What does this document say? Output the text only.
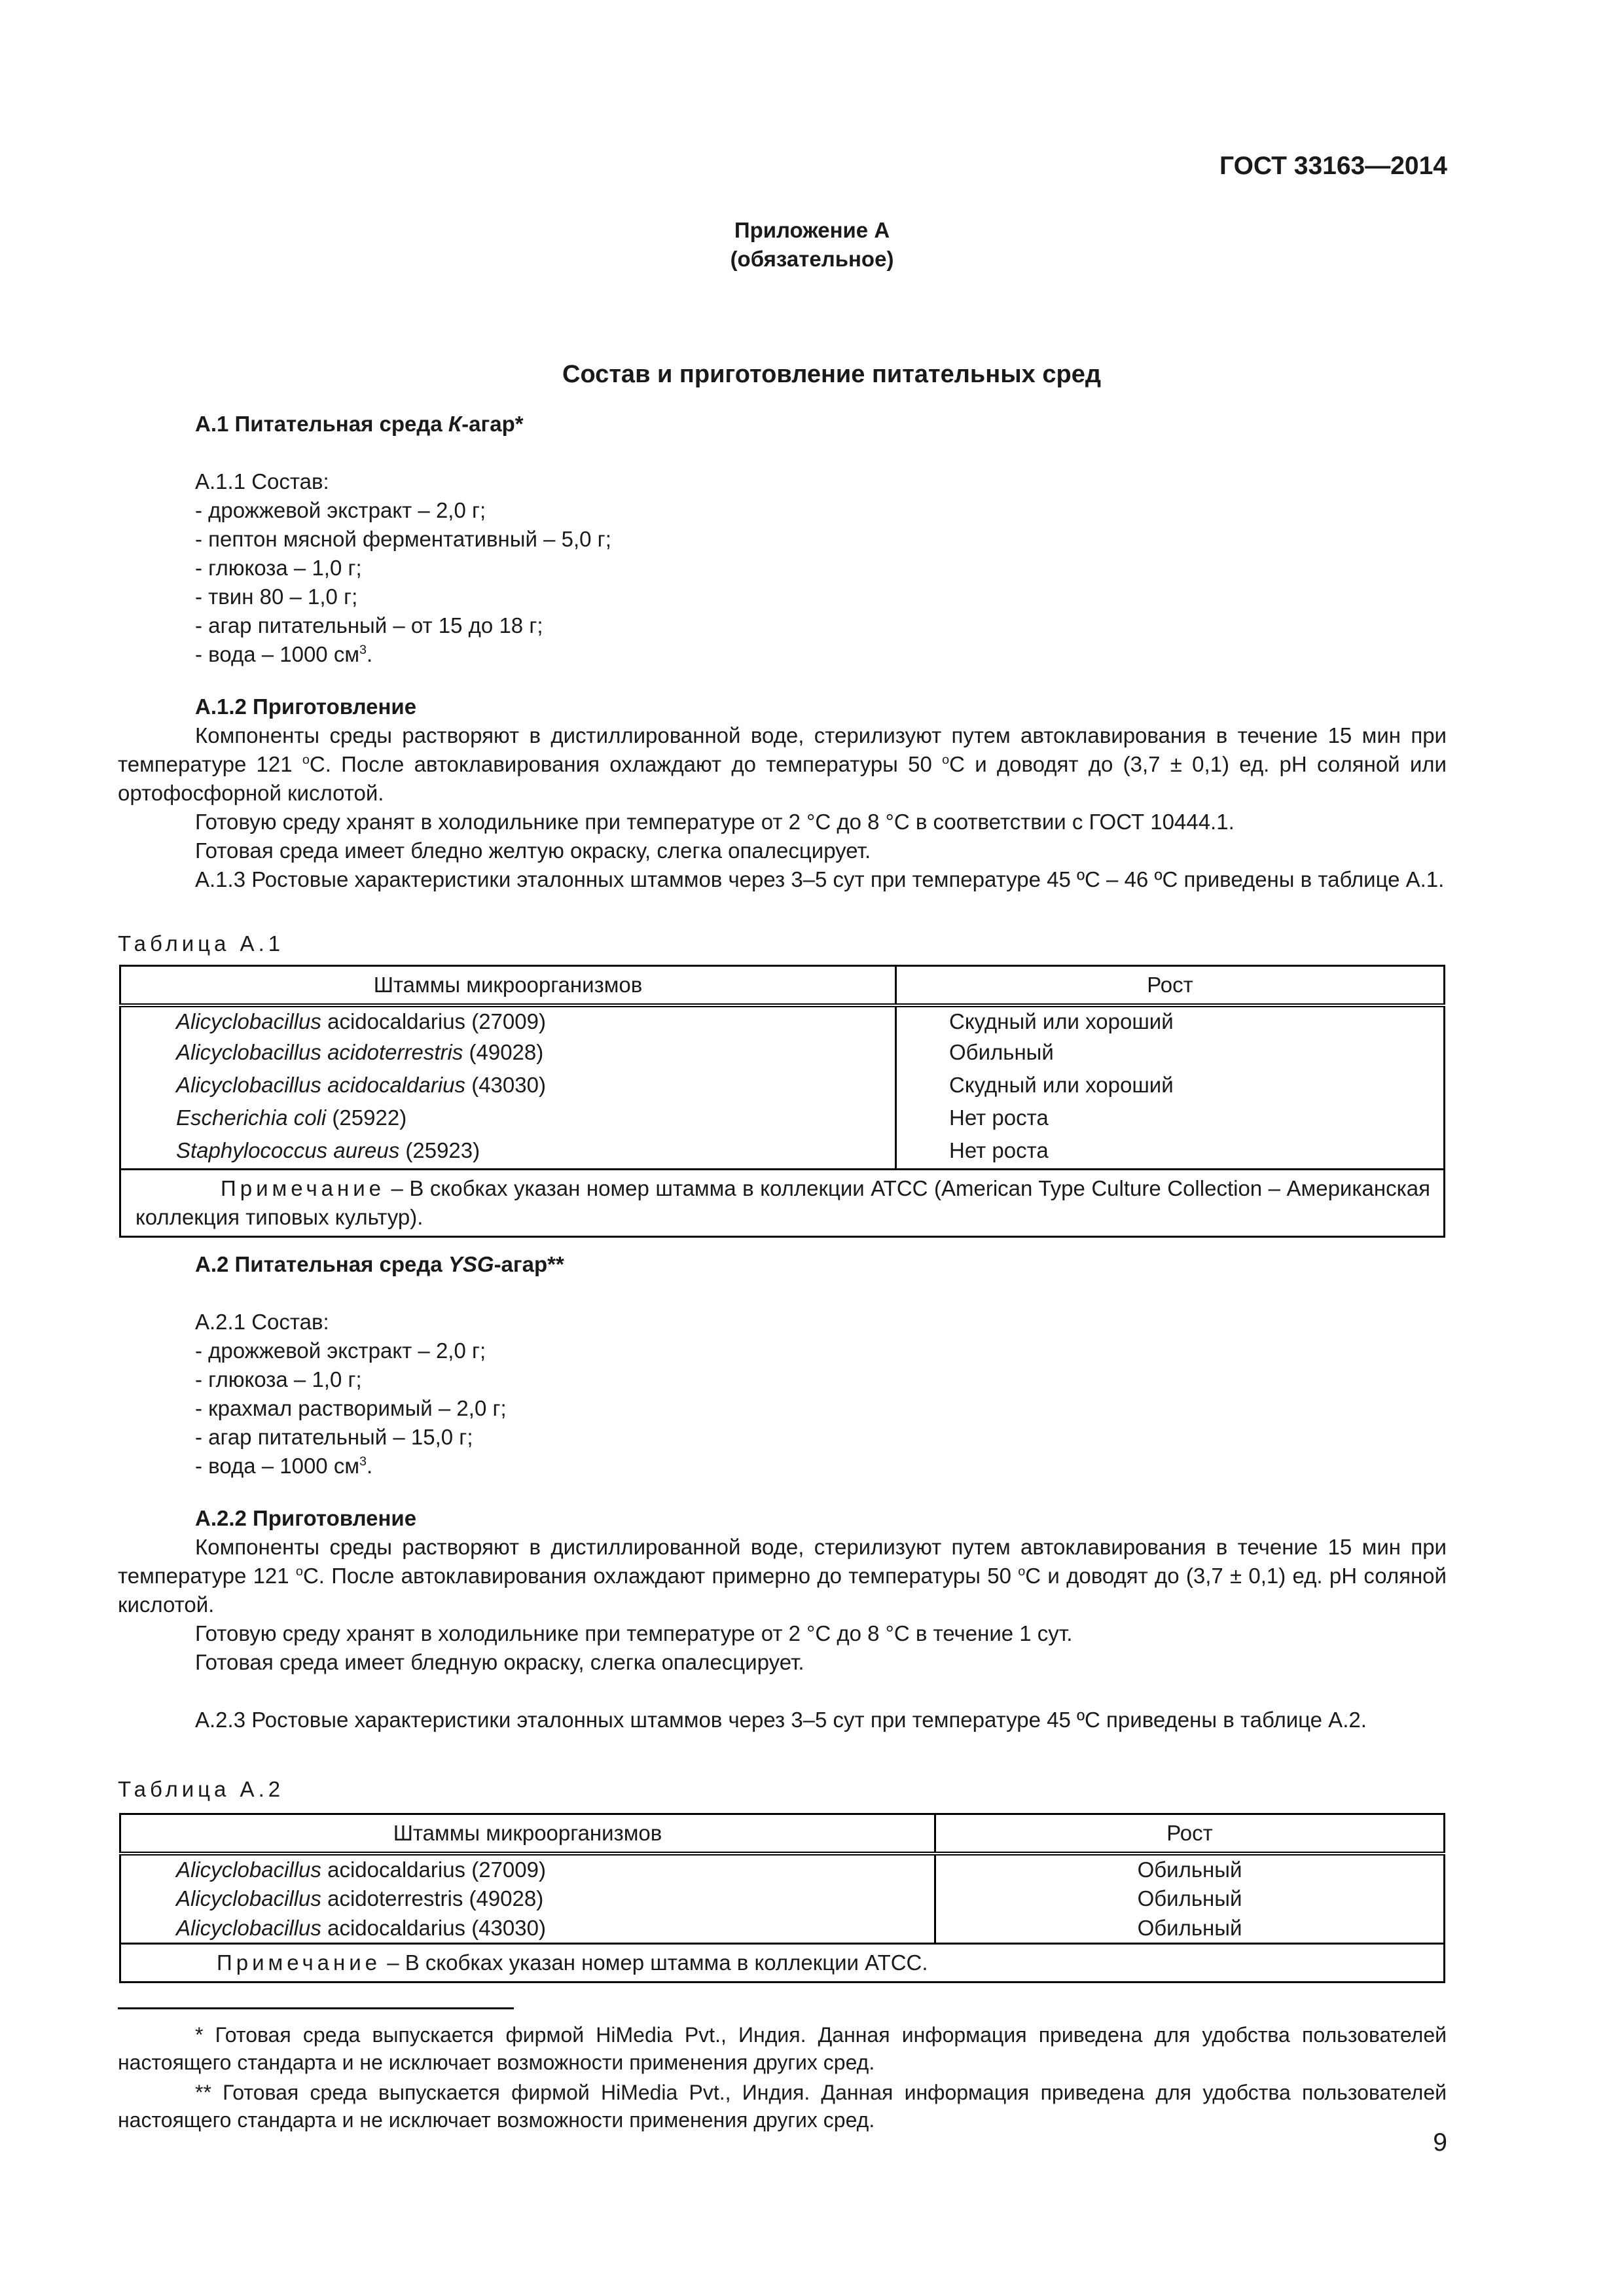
ГОСТ 33163—2014
Приложение А
(обязательное)
Состав и приготовление питательных сред
А.1 Питательная среда К-агар*
А.1.1 Состав:
- дрожжевой экстракт – 2,0 г;
- пептон мясной ферментативный – 5,0 г;
- глюкоза – 1,0 г;
- твин 80 – 1,0 г;
- агар питательный – от 15 до 18 г;
- вода – 1000 $см^3$.
А.1.2 Приготовление
Компоненты среды растворяют в дистиллированной воде, стерилизуют путем автоклавирования в течение 15 мин при температуре 121 $^о$С. После автоклавирования охлаждают до температуры 50 $^о$С и доводят до (3,7 ± 0,1) ед. рН соляной или ортофосфорной кислотой.
Готовую среду хранят в холодильнике при температуре от 2 °С до 8 °С в соответствии с ГОСТ 10444.1.
Готовая среда имеет бледно желтую окраску, слегка опалесцирует.
А.1.3 Ростовые характеристики эталонных штаммов через 3–5 сут при температуре 45 ºС – 46 ºС приведены в таблице А.1.
Таблица А.1
Штаммы микроорганизмов	Рост
Alicyclobacillus acidocaldarius (27009)	Скудный или хороший
Alicyclobacillus acidoterrestris (49028)	Обильный
Alicyclobacillus acidocaldarius (43030)	Скудный или хороший
Escherichia coli (25922)	Нет роста
Staphylococcus aureus (25923)	Нет роста
Примечание – В скобках указан номер штамма в коллекции АТСС (American Type Culture Collection – Американская коллекция типовых культур).	
А.2 Питательная среда YSG-агар**
А.2.1 Состав:
- дрожжевой экстракт – 2,0 г;
- глюкоза – 1,0 г;
- крахмал растворимый – 2,0 г;
- агар питательный – 15,0 г;
- вода – 1000 $см^3$.
А.2.2 Приготовление
Компоненты среды растворяют в дистиллированной воде, стерилизуют путем автоклавирования в течение 15 мин при температуре 121 $^о$С. После автоклавирования охлаждают примерно до температуры 50 $^о$С и доводят до (3,7 ± 0,1) ед. рН соляной кислотой.
Готовую среду хранят в холодильнике при температуре от 2 °С до 8 °С в течение 1 сут.
Готовая среда имеет бледную окраску, слегка опалесцирует.
А.2.3 Ростовые характеристики эталонных штаммов через 3–5 сут при температуре 45 ºС приведены в таблице А.2.
Таблица А.2
Штаммы микроорганизмов	Рост
Alicyclobacillus acidocaldarius (27009)	Обильный
Alicyclobacillus acidoterrestris (49028)	Обильный
Alicyclobacillus acidocaldarius (43030)	Обильный
Примечание – В скобках указан номер штамма в коллекции АТСС.	
* Готовая среда выпускается фирмой HiMedia Pvt., Индия. Данная информация приведена для удобства пользователей настоящего стандарта и не исключает возможности применения других сред.
** Готовая среда выпускается фирмой HiMedia Pvt., Индия. Данная информация приведена для удобства пользователей настоящего стандарта и не исключает возможности применения других сред.
9
